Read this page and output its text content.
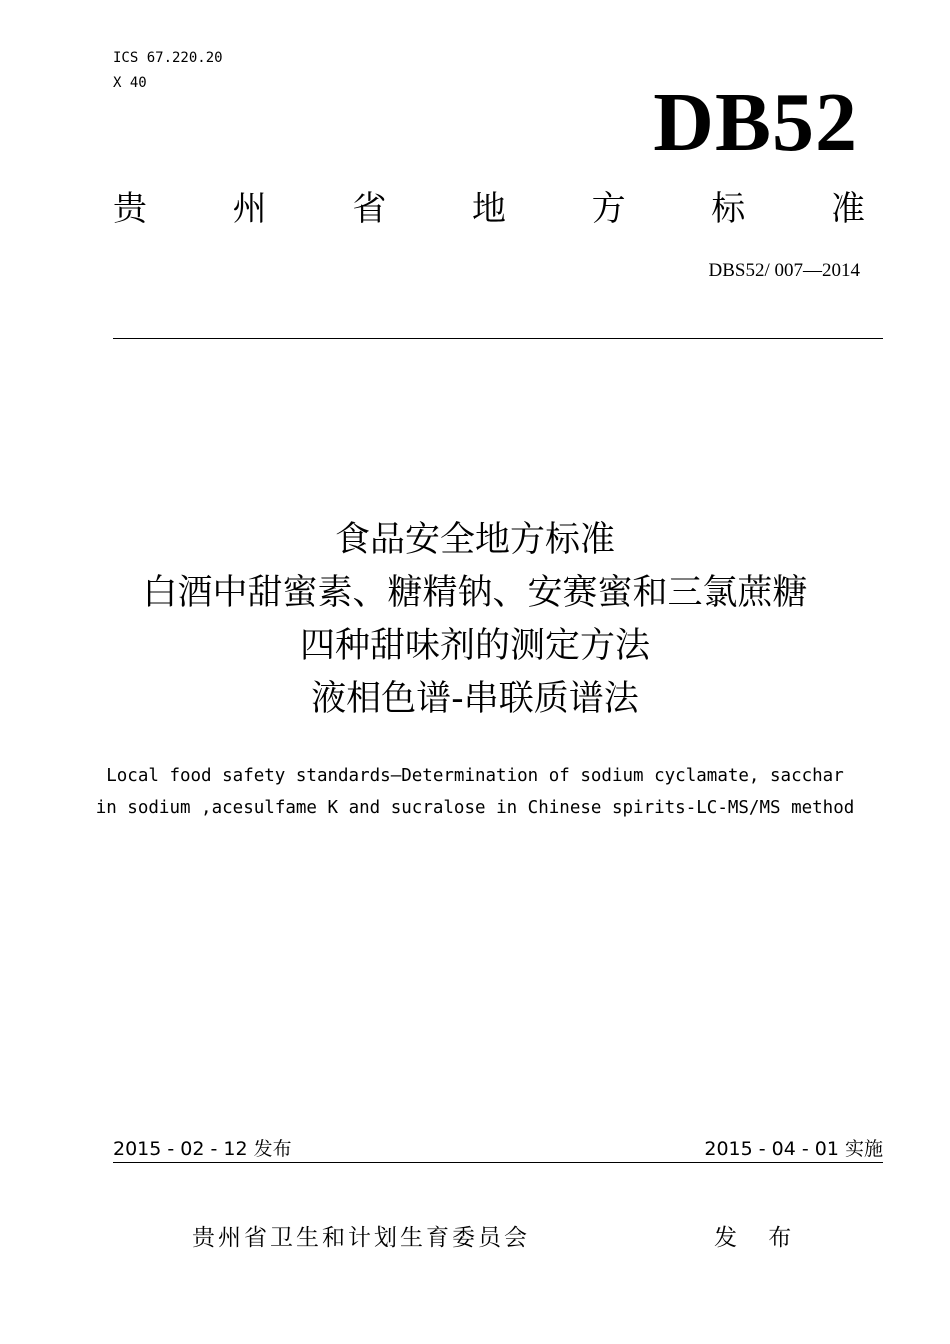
ICS 67.220.20
X 40	DB52
贵	州	省	地	方	标	准
DBS52/ 007—2014
食品安全地方标准
白酒中甜蜜素、糖精钠、安赛蜜和三氯蔗糖
四种甜味剂的测定方法
液相色谱-串联质谱法
Local food safety standards—Determination of sodium cyclamate, sacchar
in sodium ,acesulfame K and sucralose in Chinese spirits-LC-MS/MS method
2015 - 02 - 12 发布	2015 - 04 - 01 实施
贵州省卫生和计划生育委员会	发 布
